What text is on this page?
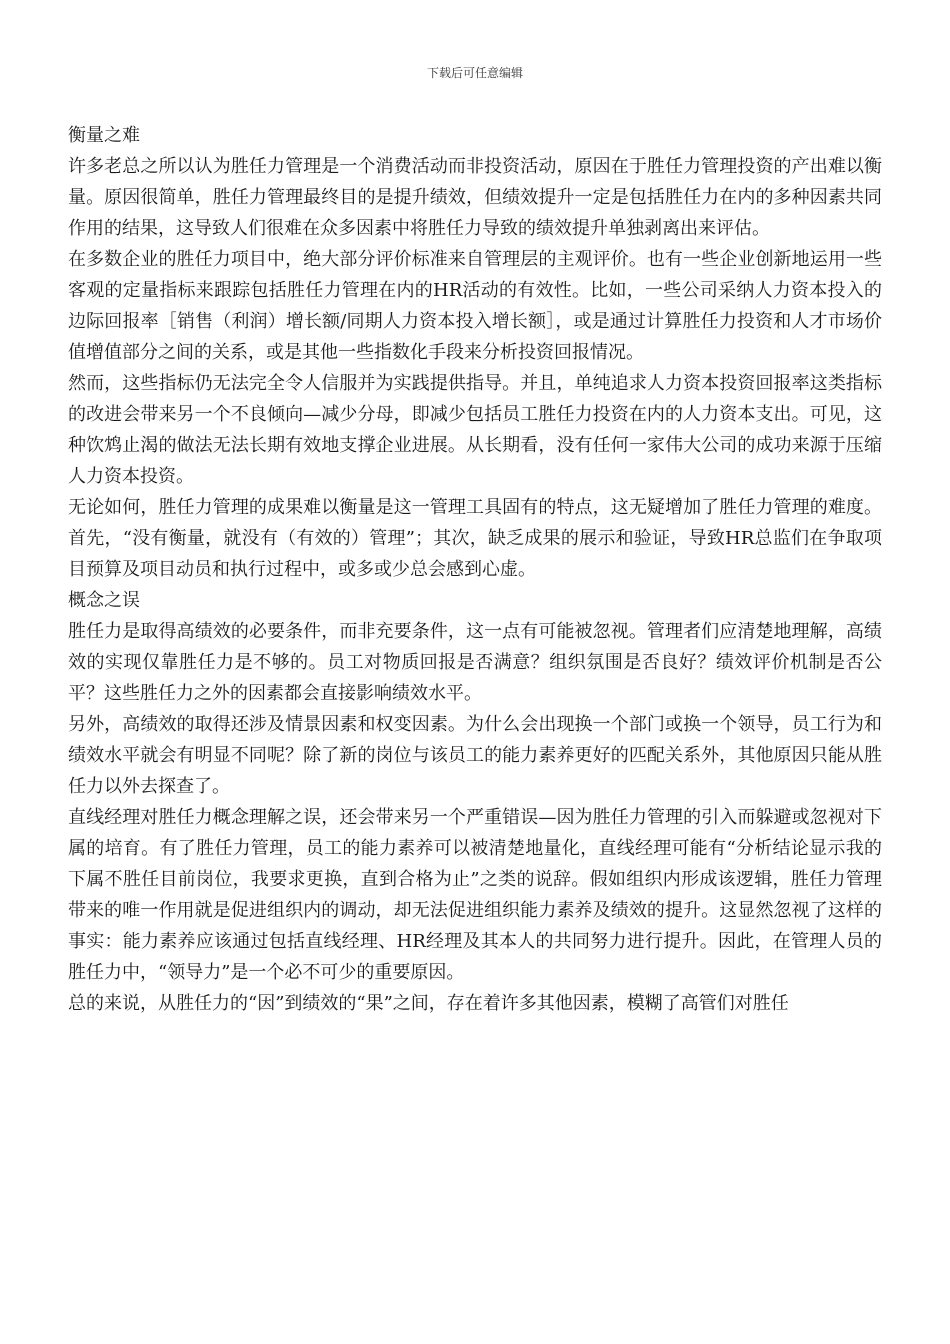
下载后可任意编辑

衡量之难

许多老总之所以认为胜任力管理是一个消费活动而非投资活动，原因在于胜任力管理投资的产出难以衡量。原因很简单，胜任力管理最终目的是提升绩效，但绩效提升一定是包括胜任力在内的多种因素共同作用的结果，这导致人们很难在众多因素中将胜任力导致的绩效提升单独剥离出来评估。

在多数企业的胜任力项目中，绝大部分评价标准来自管理层的主观评价。也有一些企业创新地运用一些客观的定量指标来跟踪包括胜任力管理在内的HR活动的有效性。比如，一些公司采纳人力资本投入的边际回报率［销售（利润）增长额/同期人力资本投入增长额］，或是通过计算胜任力投资和人才市场价值增值部分之间的关系，或是其他一些指数化手段来分析投资回报情况。

然而，这些指标仍无法完全令人信服并为实践提供指导。并且，单纯追求人力资本投资回报率这类指标的改进会带来另一个不良倾向—减少分母，即减少包括员工胜任力投资在内的人力资本支出。可见，这种饮鸩止渴的做法无法长期有效地支撑企业进展。从长期看，没有任何一家伟大公司的成功来源于压缩人力资本投资。

无论如何，胜任力管理的成果难以衡量是这一管理工具固有的特点，这无疑增加了胜任力管理的难度。首先，“没有衡量，就没有（有效的）管理”；其次，缺乏成果的展示和验证，导致HR总监们在争取项目预算及项目动员和执行过程中，或多或少总会感到心虚。

概念之误

胜任力是取得高绩效的必要条件，而非充要条件，这一点有可能被忽视。管理者们应清楚地理解，高绩效的实现仅靠胜任力是不够的。员工对物质回报是否满意？组织氛围是否良好？绩效评价机制是否公平？这些胜任力之外的因素都会直接影响绩效水平。

另外，高绩效的取得还涉及情景因素和权变因素。为什么会出现换一个部门或换一个领导，员工行为和绩效水平就会有明显不同呢？除了新的岗位与该员工的能力素养更好的匹配关系外，其他原因只能从胜任力以外去探查了。

直线经理对胜任力概念理解之误，还会带来另一个严重错误—因为胜任力管理的引入而躲避或忽视对下属的培育。有了胜任力管理，员工的能力素养可以被清楚地量化，直线经理可能有“分析结论显示我的下属不胜任目前岗位，我要求更换，直到合格为止”之类的说辞。假如组织内形成该逻辑，胜任力管理带来的唯一作用就是促进组织内的调动，却无法促进组织能力素养及绩效的提升。这显然忽视了这样的事实：能力素养应该通过包括直线经理、HR经理及其本人的共同努力进行提升。因此，在管理人员的胜任力中，“领导力”是一个必不可少的重要原因。

总的来说，从胜任力的“因”到绩效的“果”之间，存在着许多其他因素，模糊了高管们对胜任
